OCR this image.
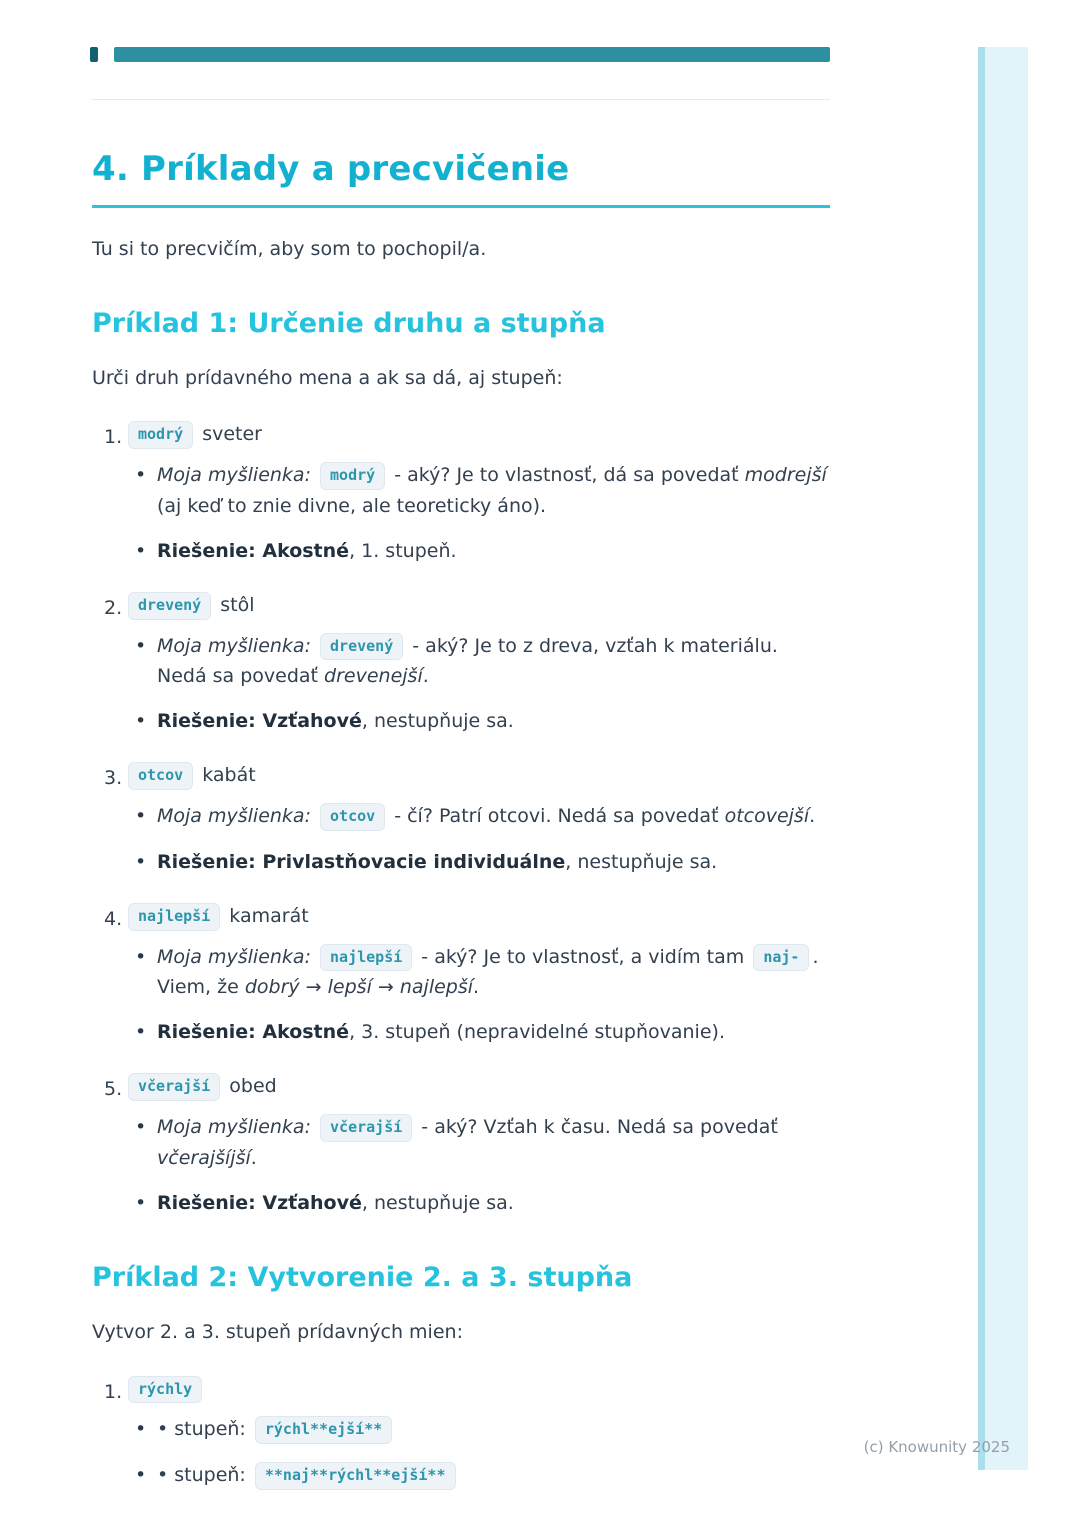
4. Príklady a precvičenie

Tu si to precvičím, aby som to pochopil/a.

Príklad 1: Určenie druhu a stupňa

Urči druh prídavného mena a ak sa dá, aj stupeň:

1. modrý sveter
• Moja myšlienka: modrý - aký? Je to vlastnosť, dá sa povedať modrejší (aj keď to znie divne, ale teoreticky áno).
• Riešenie: Akostné, 1. stupeň.
2. drevený stôl
• Moja myšlienka: drevený - aký? Je to z dreva, vzťah k materiálu. Nedá sa povedať drevenejší.
• Riešenie: Vzťahové, nestupňuje sa.
3. otcov kabát
• Moja myšlienka: otcov - čí? Patrí otcovi. Nedá sa povedať otcovejší.
• Riešenie: Privlastňovacie individuálne, nestupňuje sa.
4. najlepší kamarát
• Moja myšlienka: najlepší - aký? Je to vlastnosť, a vidím tam naj- . Viem, že dobrý → lepší → najlepší.
• Riešenie: Akostné, 3. stupeň (nepravidelné stupňovanie).
5. včerajší obed
• Moja myšlienka: včerajší - aký? Vzťah k času. Nedá sa povedať včerajšíjší.
• Riešenie: Vzťahové, nestupňuje sa.
Príklad 2: Vytvorenie 2. a 3. stupňa

Vytvor 2. a 3. stupeň prídavných mien:

1. rýchly
• • stupeň: rýchl**ejší**
• • stupeň: **naj**rýchl**ejší**
(c) Knowunity 2025
